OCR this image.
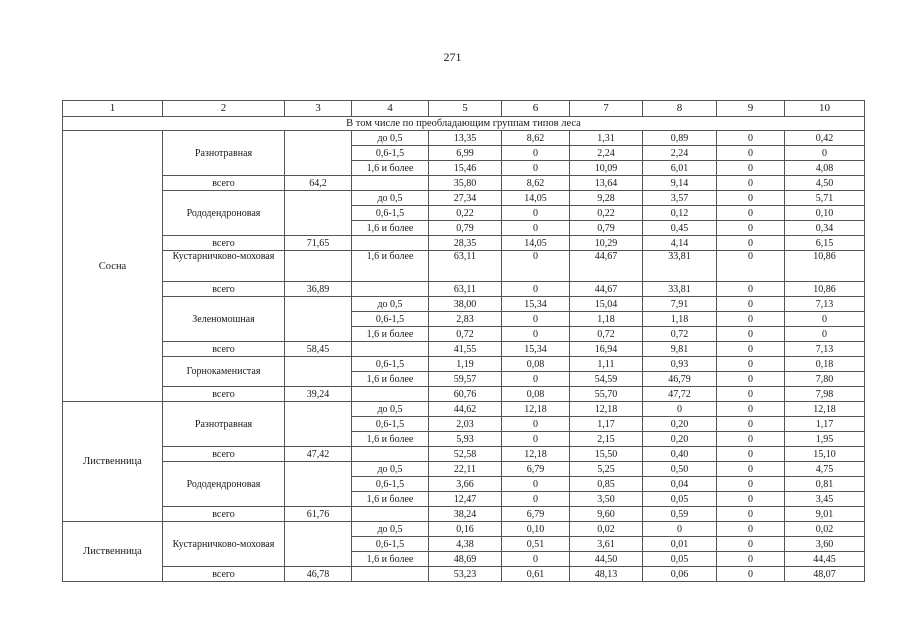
271
1	2	3	4	5	6	7	8	9	10
В том числе по преобладающим группам типов леса									
Сосна	Разнотравная		до 0,5	13,35	8,62	1,31	0,89	0	0,42
			0,6-1,5	6,99	0	2,24	2,24	0	0
			1,6 и более	15,46	0	10,09	6,01	0	4,08
	всего	64,2		35,80	8,62	13,64	9,14	0	4,50
	Рододендроновая		до 0,5	27,34	14,05	9,28	3,57	0	5,71
			0,6-1,5	0,22	0	0,22	0,12	0	0,10
			1,6 и более	0,79	0	0,79	0,45	0	0,34
	всего	71,65		28,35	14,05	10,29	4,14	0	6,15
	Кустарничково-моховая		1,6 и более	63,11	0	44,67	33,81	0	10,86
	всего	36,89		63,11	0	44,67	33,81	0	10,86
	Зеленомошная		до 0,5	38,00	15,34	15,04	7,91	0	7,13
			0,6-1,5	2,83	0	1,18	1,18	0	0
			1,6 и более	0,72	0	0,72	0,72	0	0
	всего	58,45		41,55	15,34	16,94	9,81	0	7,13
	Горнокаменистая		0,6-1,5	1,19	0,08	1,11	0,93	0	0,18
			1,6 и более	59,57	0	54,59	46,79	0	7,80
	всего	39,24		60,76	0,08	55,70	47,72	0	7,98
Лиственница	Разнотравная		до 0,5	44,62	12,18	12,18	0	0	12,18
			0,6-1,5	2,03	0	1,17	0,20	0	1,17
			1,6 и более	5,93	0	2,15	0,20	0	1,95
	всего	47,42		52,58	12,18	15,50	0,40	0	15,10
	Рододендроновая		до 0,5	22,11	6,79	5,25	0,50	0	4,75
			0,6-1,5	3,66	0	0,85	0,04	0	0,81
			1,6 и более	12,47	0	3,50	0,05	0	3,45
	всего	61,76		38,24	6,79	9,60	0,59	0	9,01
Лиственница	Кустарничково-моховая		до 0,5	0,16	0,10	0,02	0	0	0,02
			0,6-1,5	4,38	0,51	3,61	0,01	0	3,60
			1,6 и более	48,69	0	44,50	0,05	0	44,45
	всего	46,78		53,23	0,61	48,13	0,06	0	48,07
